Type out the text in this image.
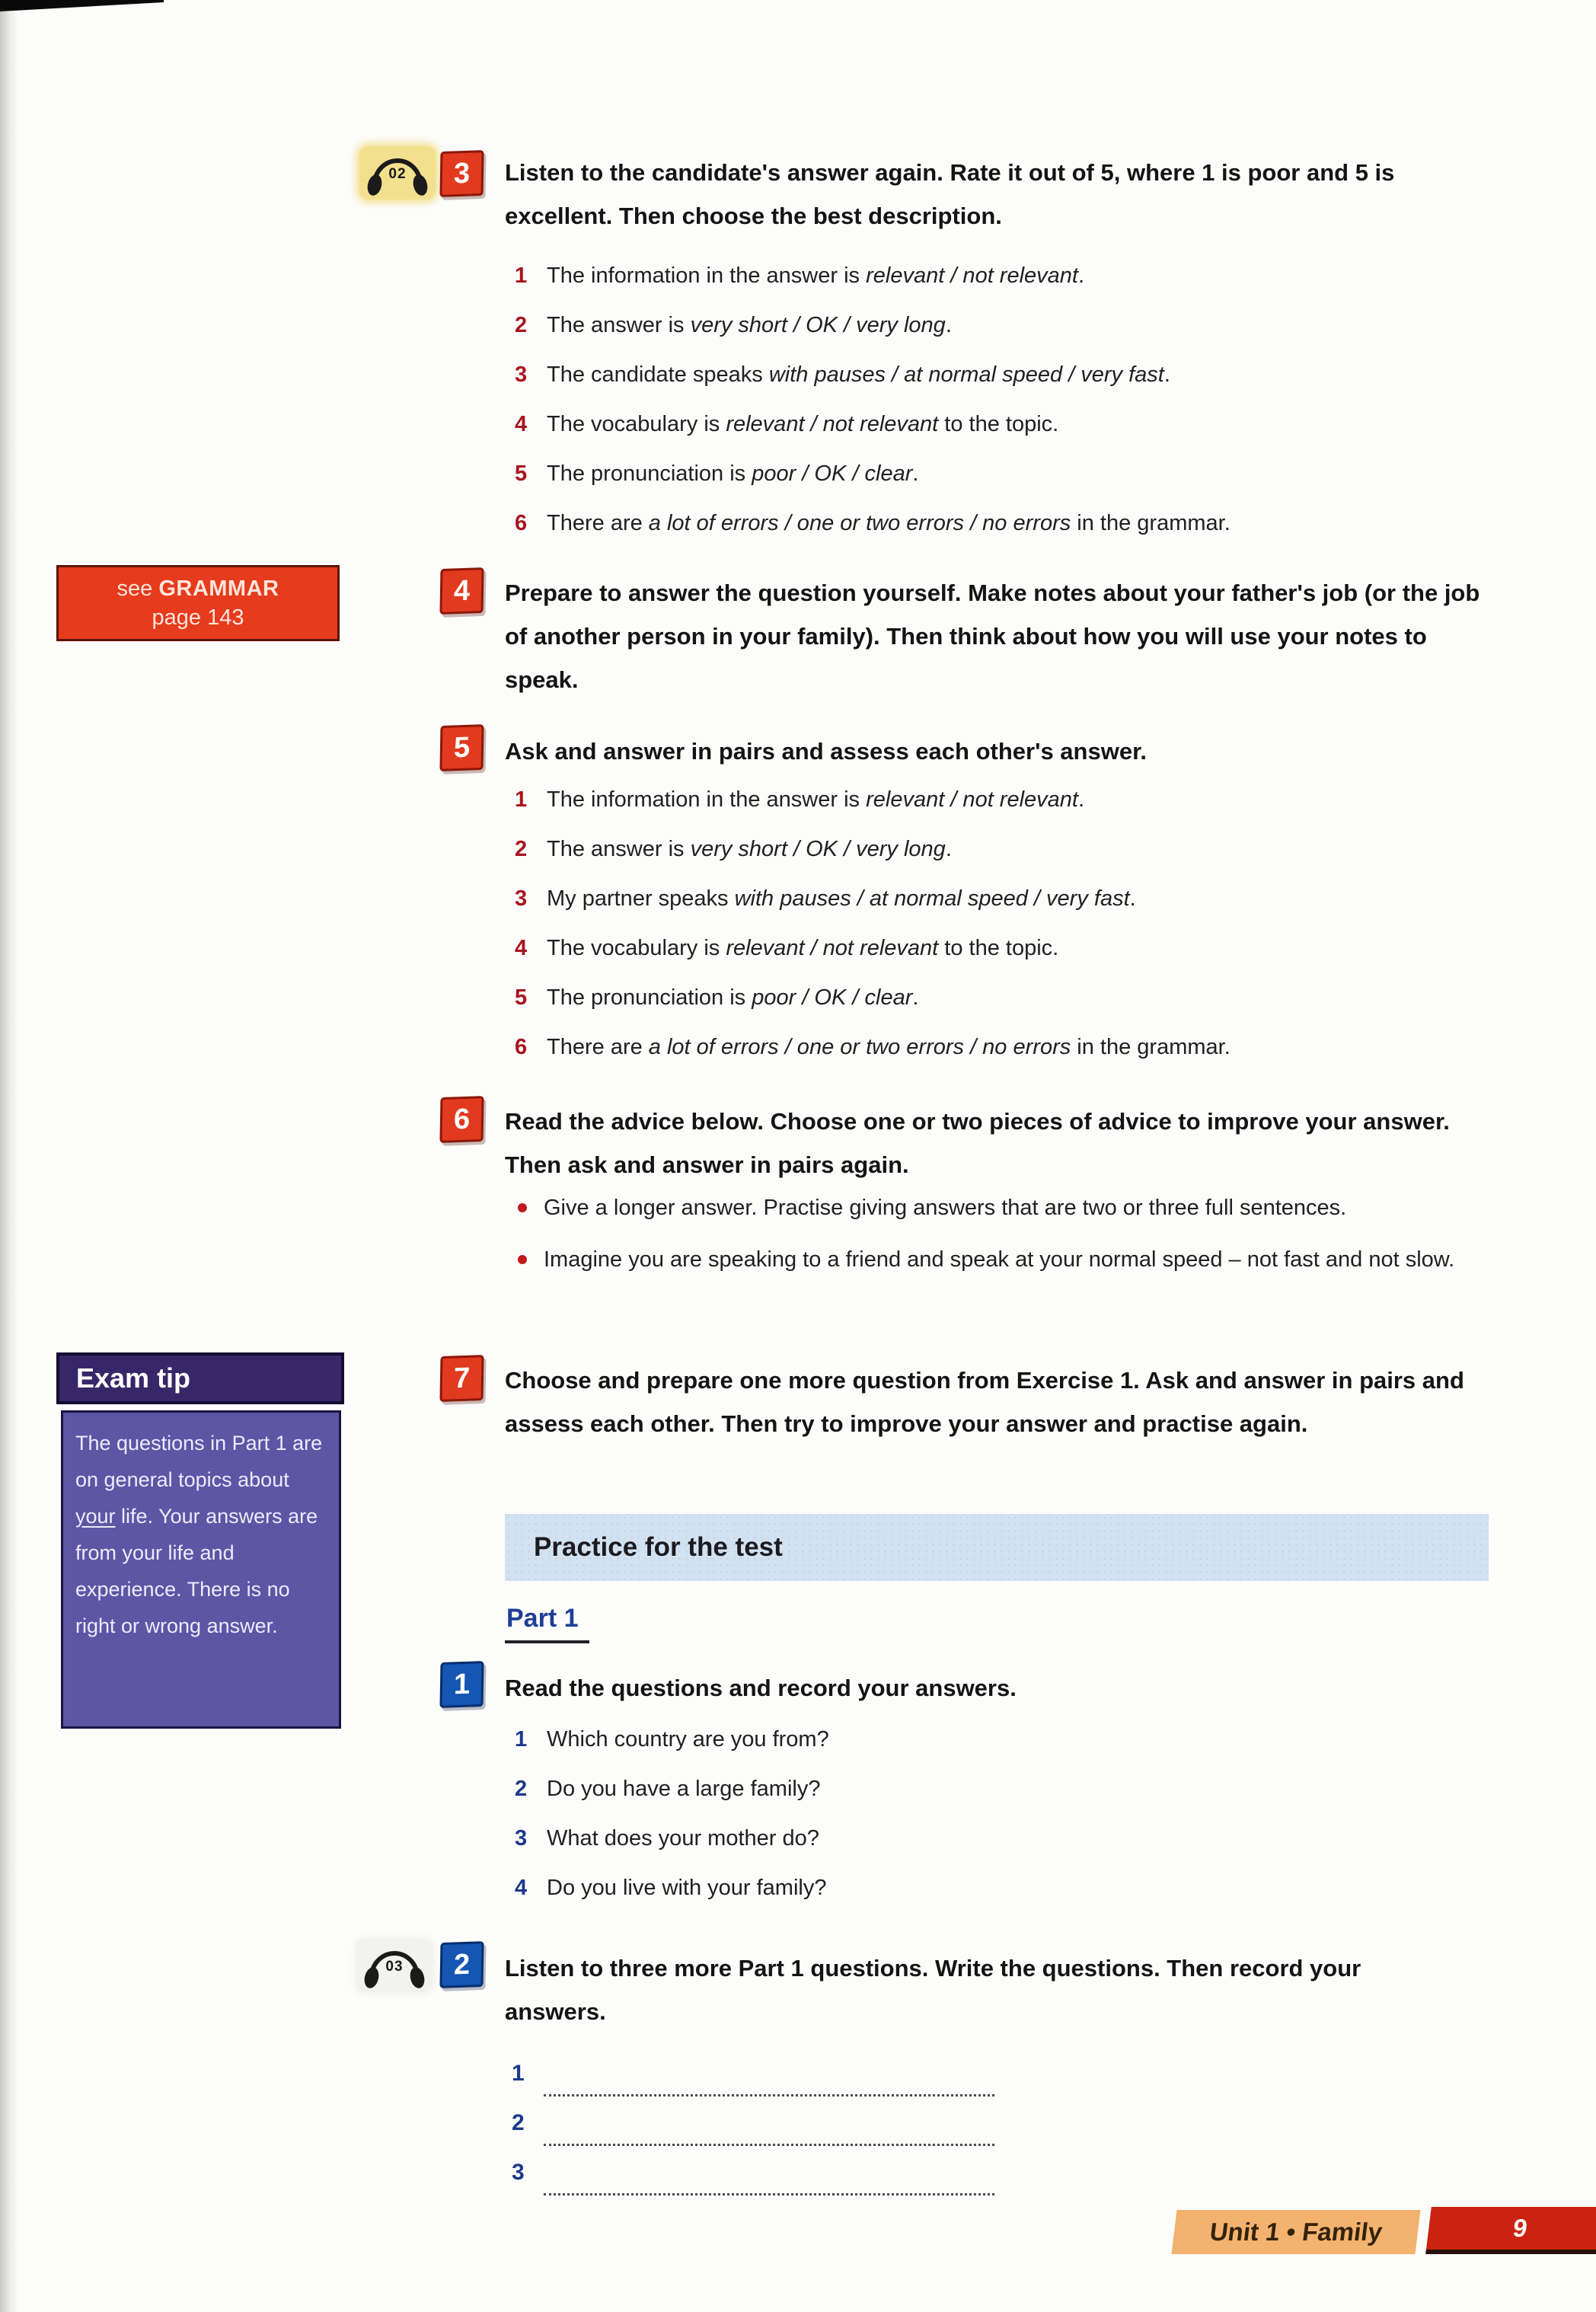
02	3	Listen to the candidate's answer again. Rate it out of 5, where 1 is poor and 5 is excellent. Then choose the best description.
1 The information in the answer is relevant / not relevant.
2 The answer is very short / OK / very long.
3 The candidate speaks with pauses / at normal speed / very fast.
4 The vocabulary is relevant / not relevant to the topic.
5 The pronunciation is poor / OK / clear.
6 There are a lot of errors / one or two errors / no errors in the grammar.
see GRAMMAR
page 143
4	Prepare to answer the question yourself. Make notes about your father's job (or the job of another person in your family). Then think about how you will use your notes to speak.
5	Ask and answer in pairs and assess each other's answer.
1 The information in the answer is relevant / not relevant.
2 The answer is very short / OK / very long.
3 My partner speaks with pauses / at normal speed / very fast.
4 The vocabulary is relevant / not relevant to the topic.
5 The pronunciation is poor / OK / clear.
6 There are a lot of errors / one or two errors / no errors in the grammar.
6	Read the advice below. Choose one or two pieces of advice to improve your answer. Then ask and answer in pairs again.
Give a longer answer. Practise giving answers that are two or three full sentences.
Imagine you are speaking to a friend and speak at your normal speed – not fast and not slow.
Exam tip
The questions in Part 1 are on general topics about your life. Your answers are from your life and experience. There is no right or wrong answer.
7	Choose and prepare one more question from Exercise 1. Ask and answer in pairs and assess each other. Then try to improve your answer and practise again.
Practice for the test
Part 1
1	Read the questions and record your answers.
1 Which country are you from?
2 Do you have a large family?
3 What does your mother do?
4 Do you live with your family?
03	2	Listen to three more Part 1 questions. Write the questions. Then record your answers.
1
2
3
Unit 1 • Family	9
